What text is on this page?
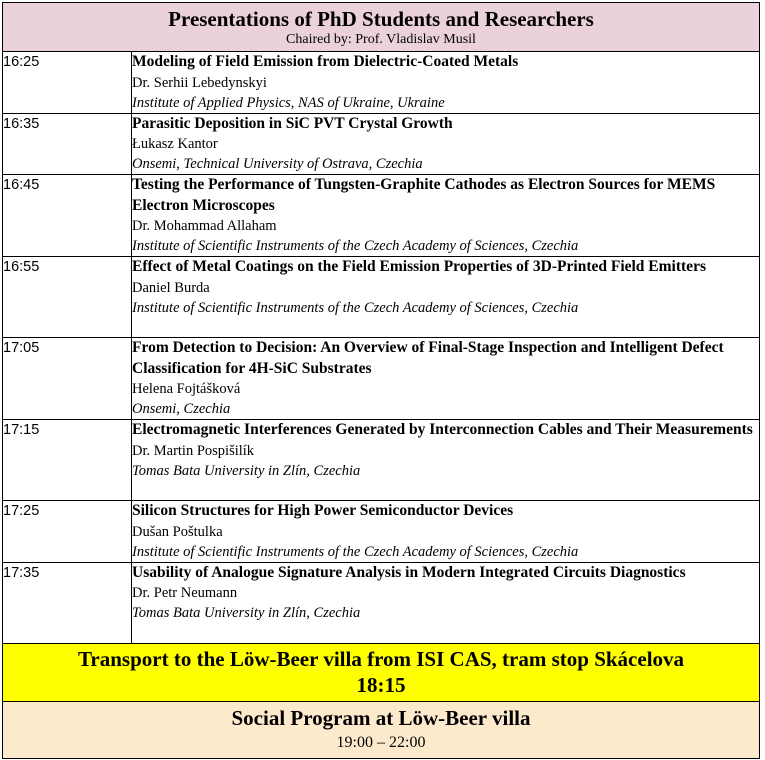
Presentations of PhD Students and Researchers
Chaired by: Prof. Vladislav Musil	

16:25	Modeling of Field Emission from Dielectric-Coated Metals
Dr. Serhii Lebedynskyi
Institute of Applied Physics, NAS of Ukraine, Ukraine

16:35	Parasitic Deposition in SiC PVT Crystal Growth
Łukasz Kantor
Onsemi, Technical University of Ostrava, Czechia

16:45	Testing the Performance of Tungsten-Graphite Cathodes as Electron Sources for MEMS Electron Microscopes
Dr. Mohammad Allaham
Institute of Scientific Instruments of the Czech Academy of Sciences, Czechia

16:55	Effect of Metal Coatings on the Field Emission Properties of 3D-Printed Field Emitters
Daniel Burda
Institute of Scientific Instruments of the Czech Academy of Sciences, Czechia

17:05	From Detection to Decision: An Overview of Final-Stage Inspection and Intelligent Defect Classification for 4H-SiC Substrates
Helena Fojtášková
Onsemi, Czechia

17:15	Electromagnetic Interferences Generated by Interconnection Cables and Their Measurements
Dr. Martin Pospišilík
Tomas Bata University in Zlín, Czechia

17:25	Silicon Structures for High Power Semiconductor Devices
Dušan Poštulka
Institute of Scientific Instruments of the Czech Academy of Sciences, Czechia

17:35	Usability of Analogue Signature Analysis in Modern Integrated Circuits Diagnostics
Dr. Petr Neumann
Tomas Bata University in Zlín, Czechia

Transport to the Löw-Beer villa from ISI CAS, tram stop Skácelova
18:15	

Social Program at Löw-Beer villa
19:00 – 22:00	
